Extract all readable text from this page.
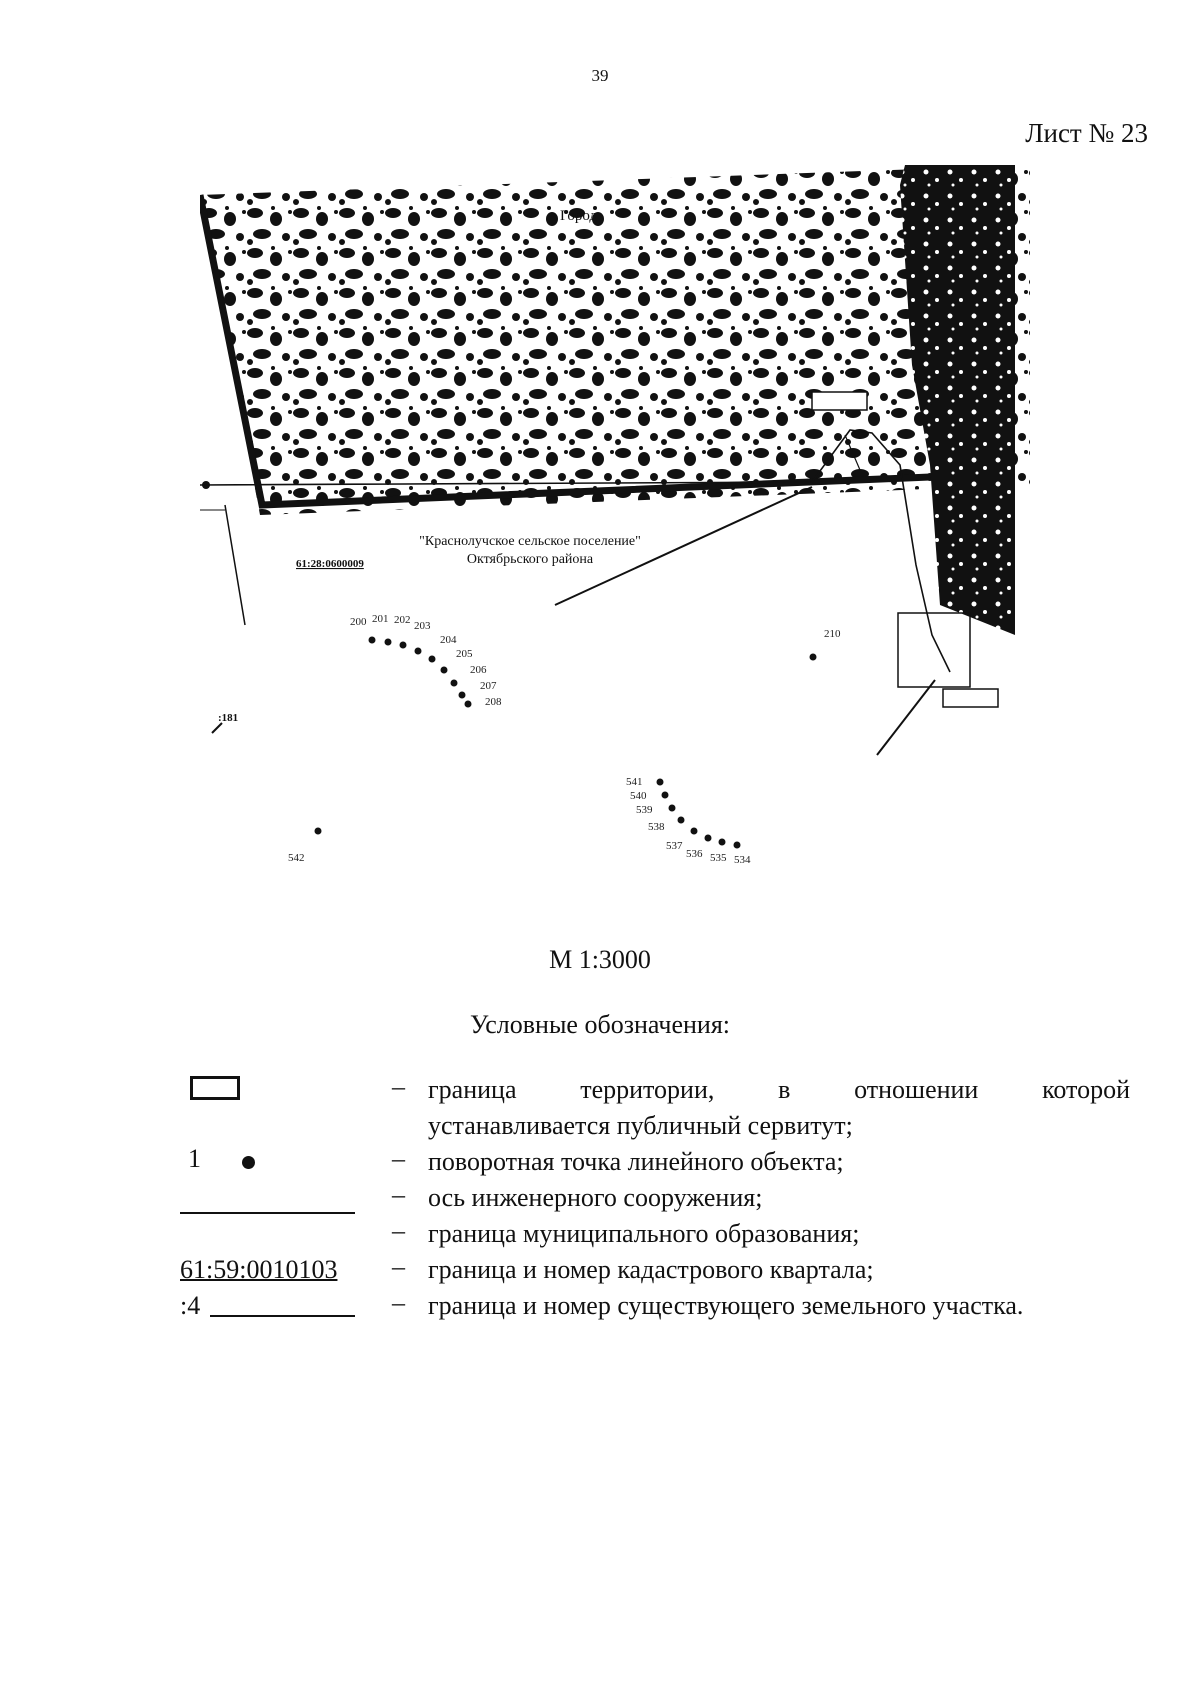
39
Лист № 23
Город
"Краснолучское сельское поселение"
Октябрьского района
61:28:0600009
:181
200 201 202 203
204
205
206
207
208
210
541
540
539
538
537
536 535 534
542
М 1:3000
Условные обозначения:
– граница территории, в отношении которой
устанавливается публичный сервитут;
1	– поворотная точка линейного объекта;
– ось инженерного сооружения;
– граница муниципального образования;
61:59:0010103
:4
– граница и номер кадастрового квартала;
– граница и номер существующего земельного участка.
